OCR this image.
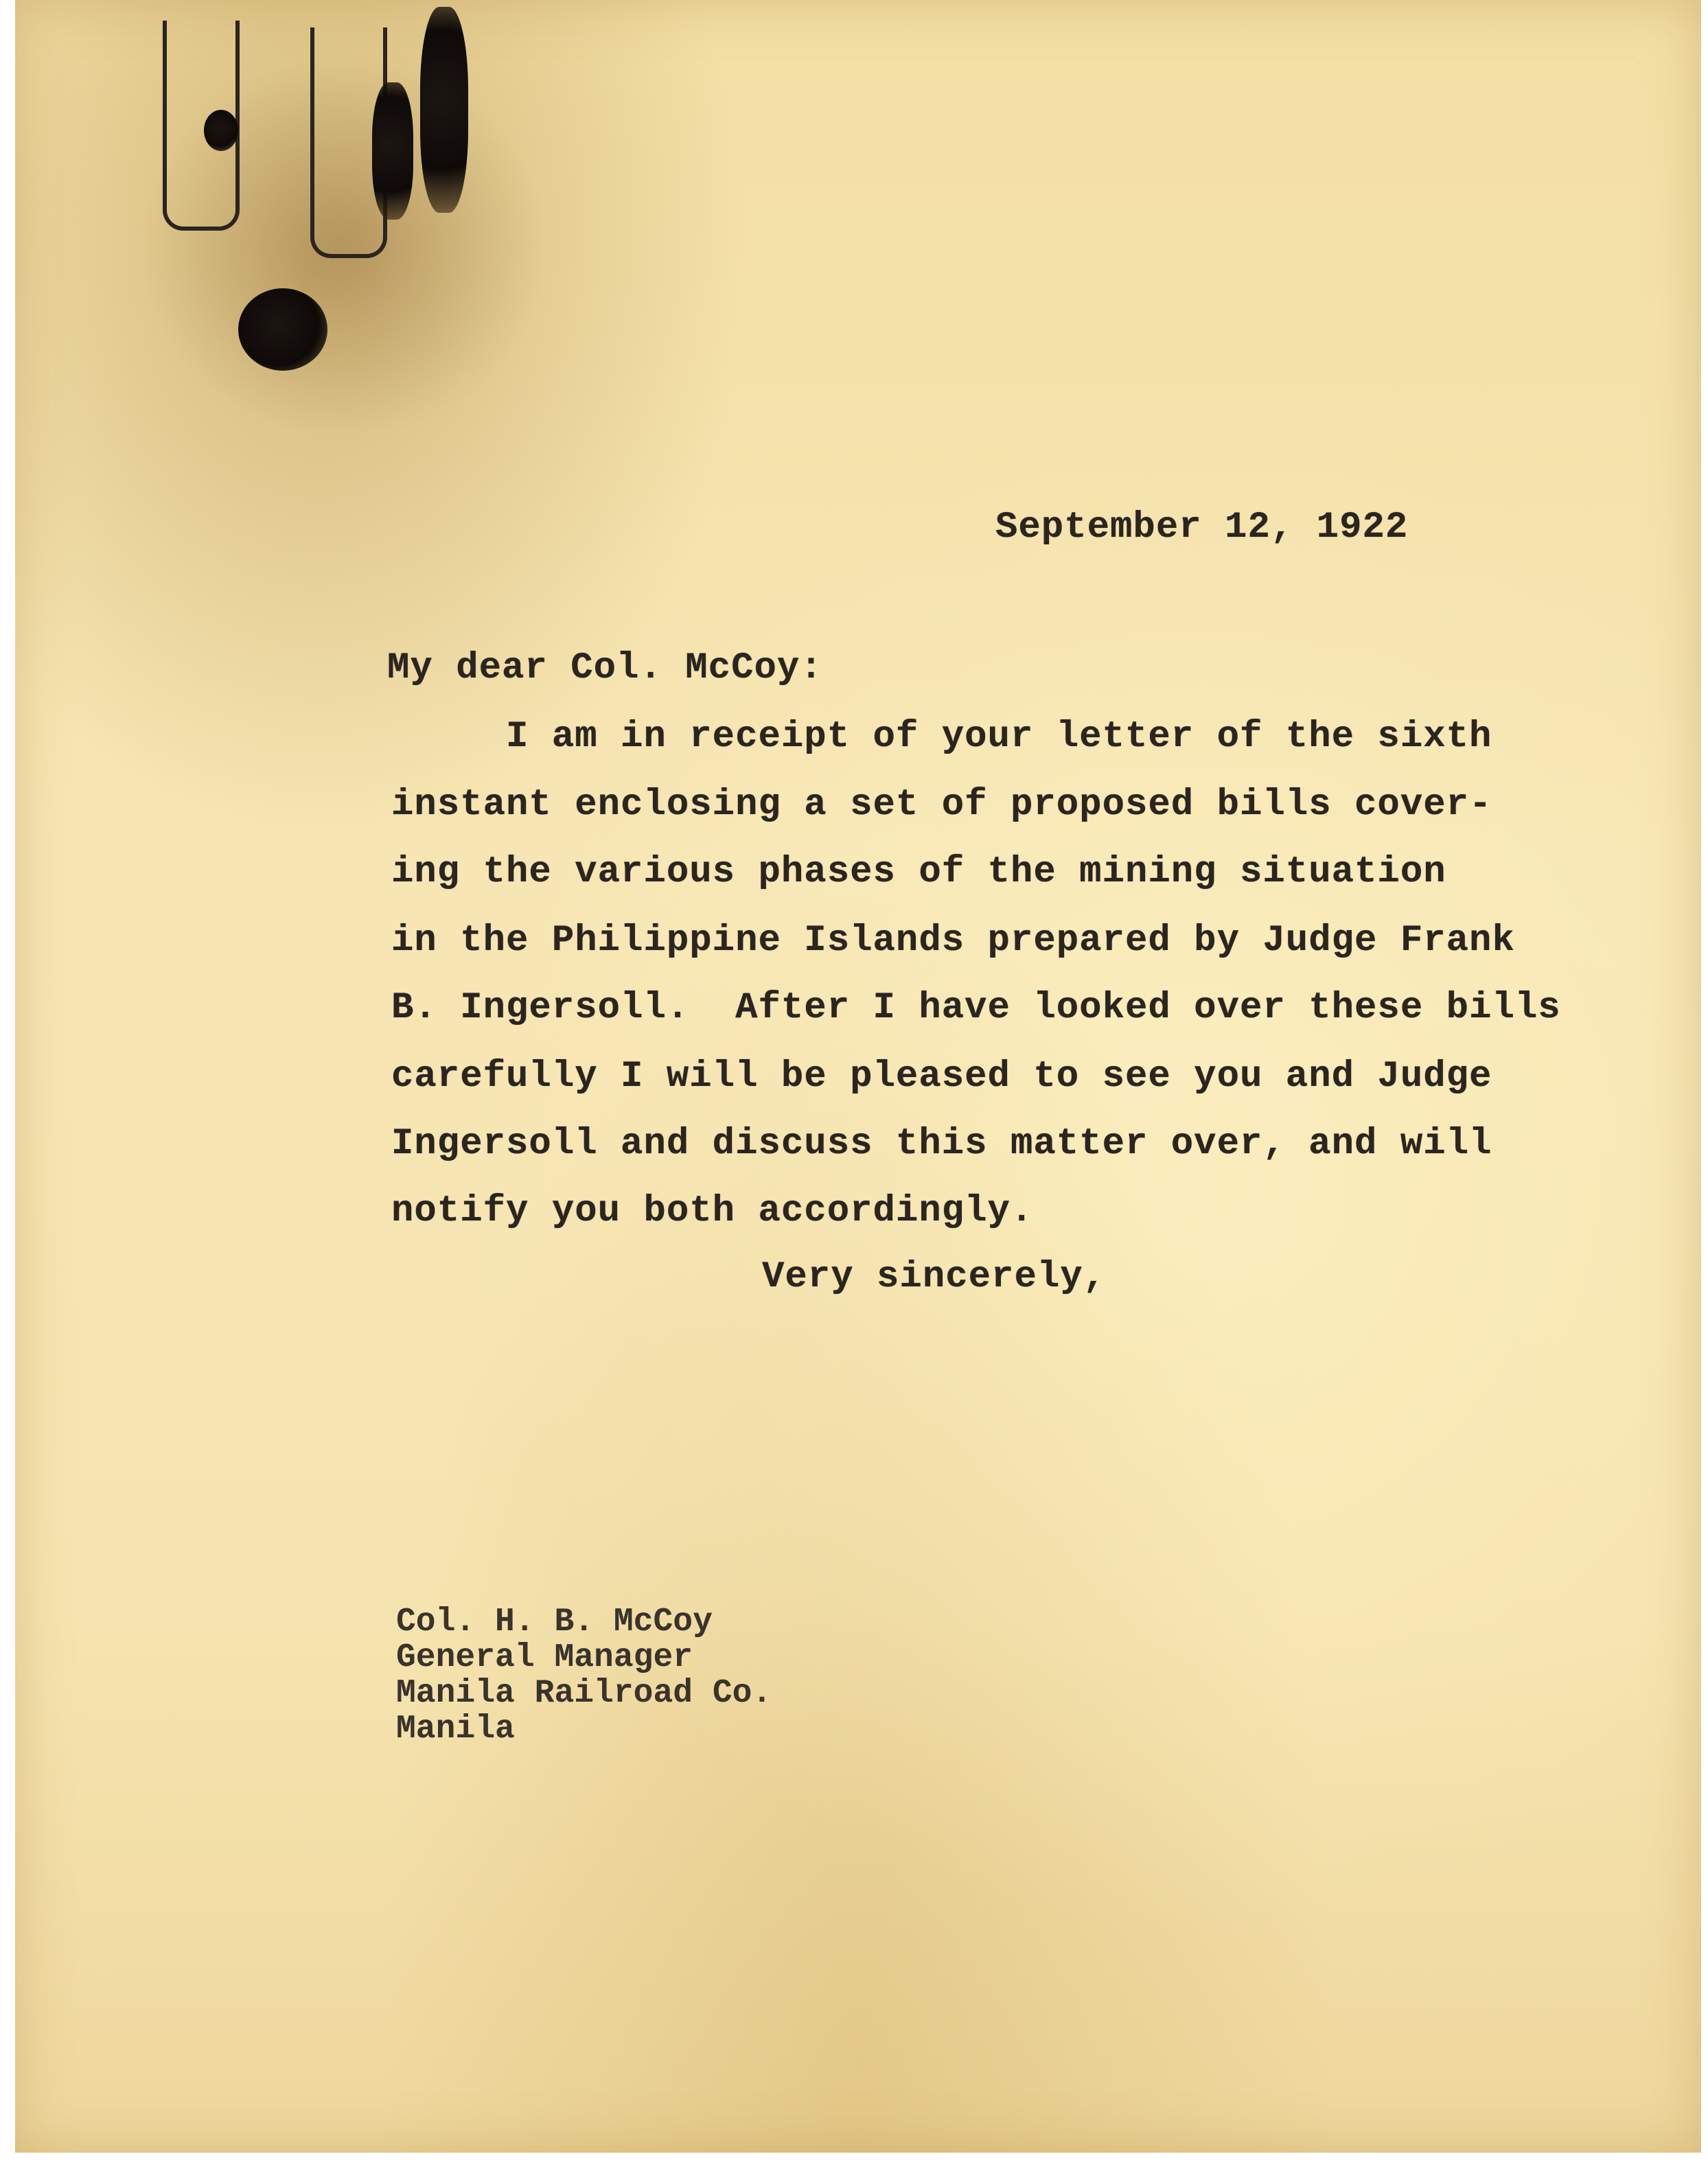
September 12, 1922
My dear Col. McCoy:
I am in receipt of your letter of the sixth
instant enclosing a set of proposed bills cover-
ing the various phases of the mining situation
in the Philippine Islands prepared by Judge Frank
B. Ingersoll.  After I have looked over these bills
carefully I will be pleased to see you and Judge
Ingersoll and discuss this matter over, and will
notify you both accordingly.
Very sincerely,
Col. H. B. McCoy
General Manager
Manila Railroad Co.
Manila
